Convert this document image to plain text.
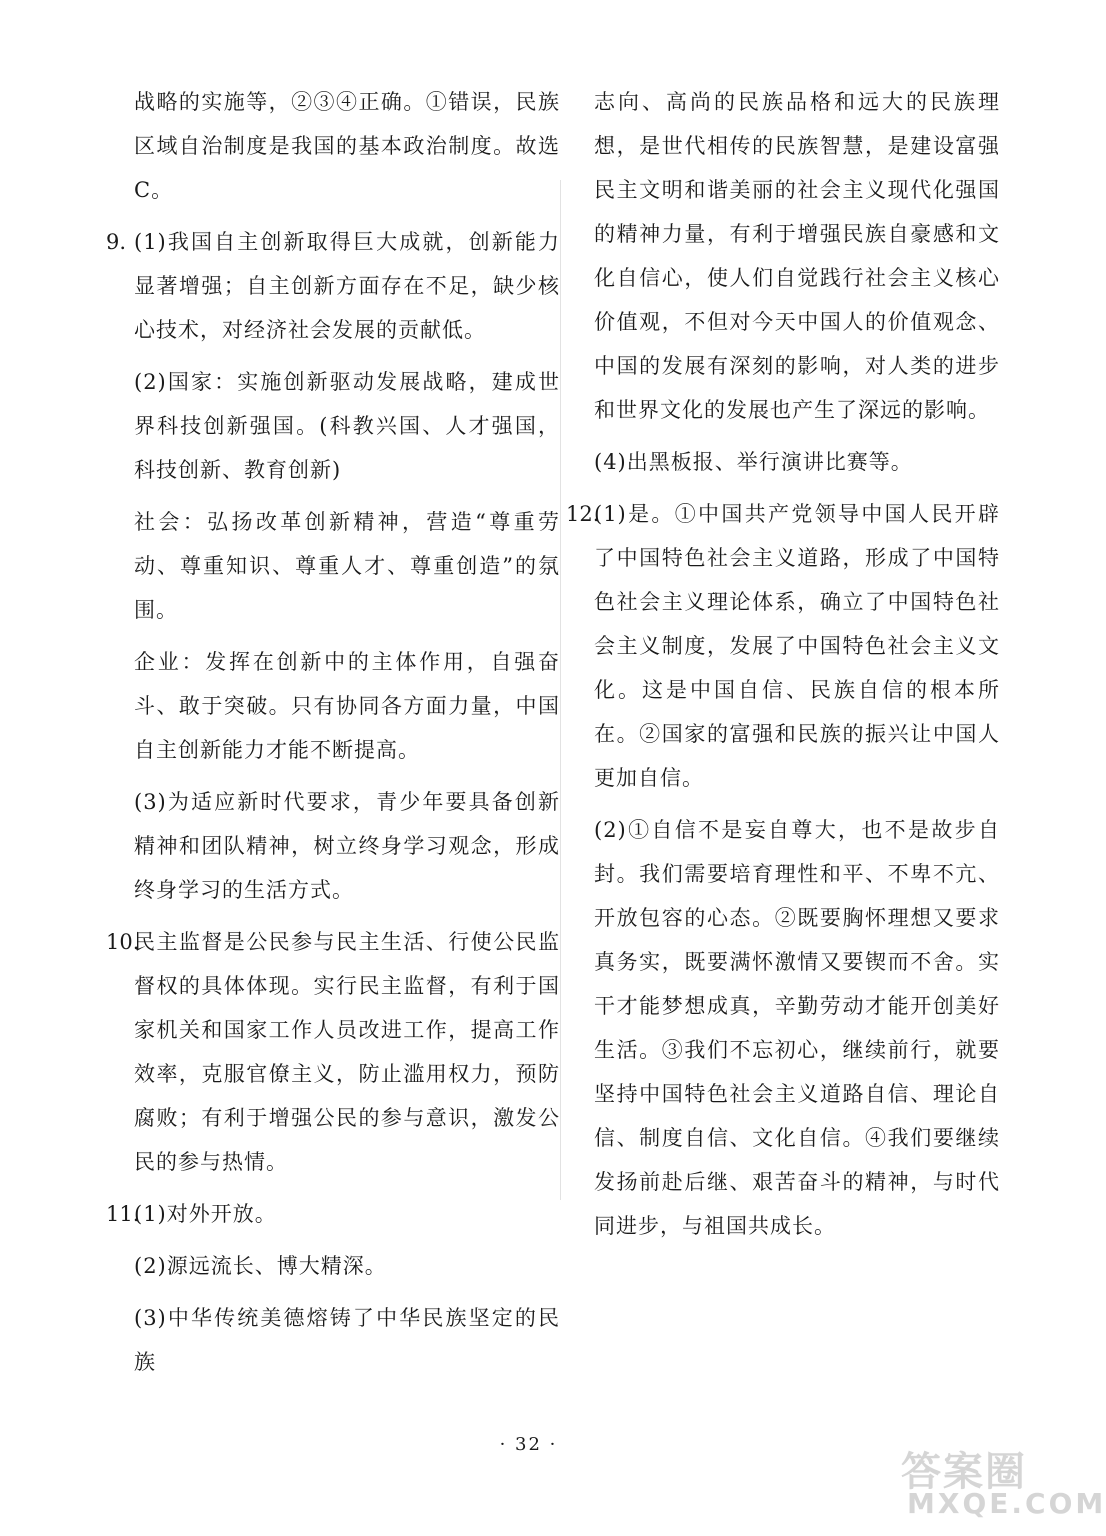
战略的实施等，②③④正确。①错误，民族区域自治制度是我国的基本政治制度。故选C。

9. (1)我国自主创新取得巨大成就，创新能力显著增强；自主创新方面存在不足，缺少核心技术，对经济社会发展的贡献低。

(2)国家：实施创新驱动发展战略，建成世界科技创新强国。(科教兴国、人才强国，科技创新、教育创新)

社会：弘扬改革创新精神，营造“尊重劳动、尊重知识、尊重人才、尊重创造”的氛围。

企业：发挥在创新中的主体作用，自强奋斗、敢于突破。只有协同各方面力量，中国自主创新能力才能不断提高。

(3)为适应新时代要求，青少年要具备创新精神和团队精神，树立终身学习观念，形成终身学习的生活方式。

10.

民主监督是公民参与民主生活、行使公民监督权的具体体现。实行民主监督，有利于国家机关和国家工作人员改进工作，提高工作效率，克服官僚主义，防止滥用权力，预防腐败；有利于增强公民的参与意识，激发公民的参与热情。

11.

(1)对外开放。

(2)源远流长、博大精深。

(3)中华传统美德熔铸了中华民族坚定的民族

志向、高尚的民族品格和远大的民族理想，是世代相传的民族智慧，是建设富强民主文明和谐美丽的社会主义现代化强国的精神力量，有利于增强民族自豪感和文化自信心，使人们自觉践行社会主义核心价值观，不但对今天中国人的价值观念、中国的发展有深刻的影响，对人类的进步和世界文化的发展也产生了深远的影响。

(4)出黑板报、举行演讲比赛等。

12.

(1)是。①中国共产党领导中国人民开辟了中国特色社会主义道路，形成了中国特色社会主义理论体系，确立了中国特色社会主义制度，发展了中国特色社会主义文化。这是中国自信、民族自信的根本所在。②国家的富强和民族的振兴让中国人更加自信。

(2)①自信不是妄自尊大，也不是故步自封。我们需要培育理性和平、不卑不亢、开放包容的心态。②既要胸怀理想又要求真务实，既要满怀激情又要锲而不舍。实干才能梦想成真，辛勤劳动才能开创美好生活。③我们不忘初心，继续前行，就要坚持中国特色社会主义道路自信、理论自信、制度自信、文化自信。④我们要继续发扬前赴后继、艰苦奋斗的精神，与时代同进步，与祖国共成长。

· 32 ·
答案圈
MXQE.COM
